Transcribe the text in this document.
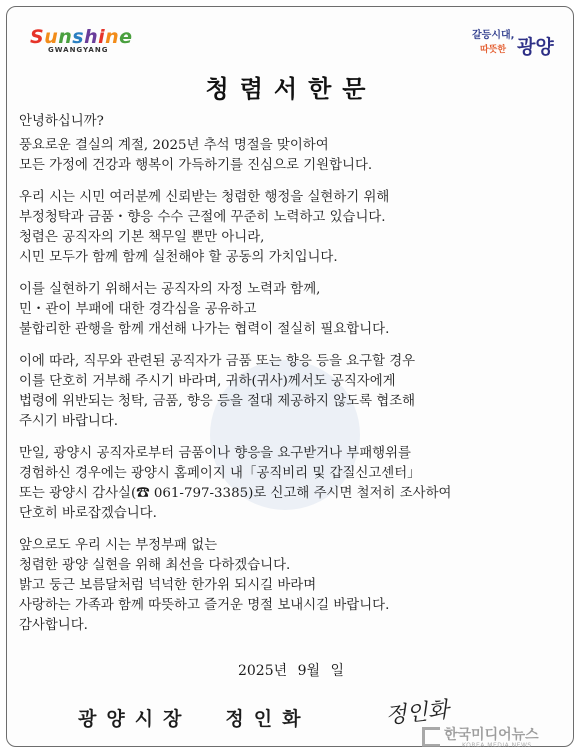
Sunshine
GWANGYANG
갈등시대,
따뜻한 광양
청렴서한문
안녕하십니까?
풍요로운 결실의 계절, 2025년 추석 명절을 맞이하여
모든 가정에 건강과 행복이 가득하기를 진심으로 기원합니다.
우리 시는 시민 여러분께 신뢰받는 청렴한 행정을 실현하기 위해
부정청탁과 금품・향응 수수 근절에 꾸준히 노력하고 있습니다.
청렴은 공직자의 기본 책무일 뿐만 아니라,
시민 모두가 함께 함께 실천해야 할 공동의 가치입니다.
이를 실현하기 위해서는 공직자의 자정 노력과 함께,
민・관이 부패에 대한 경각심을 공유하고
불합리한 관행을 함께 개선해 나가는 협력이 절실히 필요합니다.
이에 따라, 직무와 관련된 공직자가 금품 또는 향응 등을 요구할 경우
이를 단호히 거부해 주시기 바라며, 귀하(귀사)께서도 공직자에게
법령에 위반되는 청탁, 금품, 향응 등을 절대 제공하지 않도록 협조해
주시기 바랍니다.
만일, 광양시 공직자로부터 금품이나 향응을 요구받거나 부패행위를
경험하신 경우에는 광양시 홈페이지 내「공직비리 및 갑질신고센터」
또는 광양시 감사실(☎ 061-797-3385)로 신고해 주시면 철저히 조사하여
단호히 바로잡겠습니다.
앞으로도 우리 시는 부정부패 없는
청렴한 광양 실현을 위해 최선을 다하겠습니다.
밝고 둥근 보름달처럼 넉넉한 한가위 되시길 바라며
사랑하는 가족과 함께 따뜻하고 즐거운 명절 보내시길 바랍니다.
감사합니다.
2025년 9월 일
광양시장 정인화	정인화
한국미디어뉴스
KOREA MEDIA NEWS
